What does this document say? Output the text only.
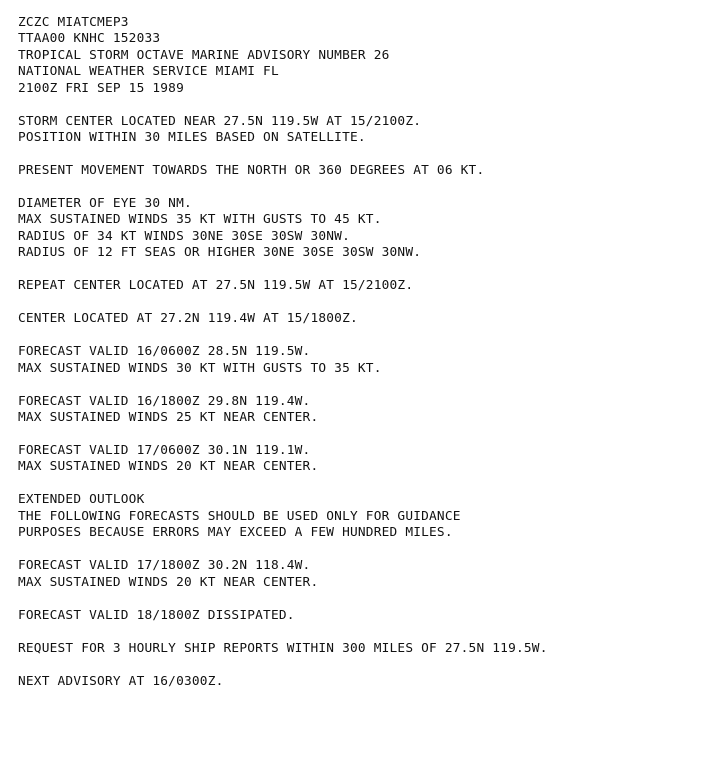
ZCZC MIATCMEP3
TTAA00 KNHC 152033
TROPICAL STORM OCTAVE MARINE ADVISORY NUMBER 26
NATIONAL WEATHER SERVICE MIAMI FL
2100Z FRI SEP 15 1989
STORM CENTER LOCATED NEAR 27.5N 119.5W AT 15/2100Z.
POSITION WITHIN 30 MILES BASED ON SATELLITE.
PRESENT MOVEMENT TOWARDS THE NORTH OR 360 DEGREES AT 06 KT.
DIAMETER OF EYE 30 NM.
MAX SUSTAINED WINDS 35 KT WITH GUSTS TO 45 KT.
RADIUS OF 34 KT WINDS 30NE 30SE 30SW 30NW.
RADIUS OF 12 FT SEAS OR HIGHER 30NE 30SE 30SW 30NW.
REPEAT CENTER LOCATED AT 27.5N 119.5W AT 15/2100Z.
CENTER LOCATED AT 27.2N 119.4W AT 15/1800Z.
FORECAST VALID 16/0600Z 28.5N 119.5W.
MAX SUSTAINED WINDS 30 KT WITH GUSTS TO 35 KT.
FORECAST VALID 16/1800Z 29.8N 119.4W.
MAX SUSTAINED WINDS 25 KT NEAR CENTER.
FORECAST VALID 17/0600Z 30.1N 119.1W.
MAX SUSTAINED WINDS 20 KT NEAR CENTER.
EXTENDED OUTLOOK
THE FOLLOWING FORECASTS SHOULD BE USED ONLY FOR GUIDANCE
PURPOSES BECAUSE ERRORS MAY EXCEED A FEW HUNDRED MILES.
FORECAST VALID 17/1800Z 30.2N 118.4W.
MAX SUSTAINED WINDS 20 KT NEAR CENTER.
FORECAST VALID 18/1800Z DISSIPATED.
REQUEST FOR 3 HOURLY SHIP REPORTS WITHIN 300 MILES OF 27.5N 119.5W.
NEXT ADVISORY AT 16/0300Z.
